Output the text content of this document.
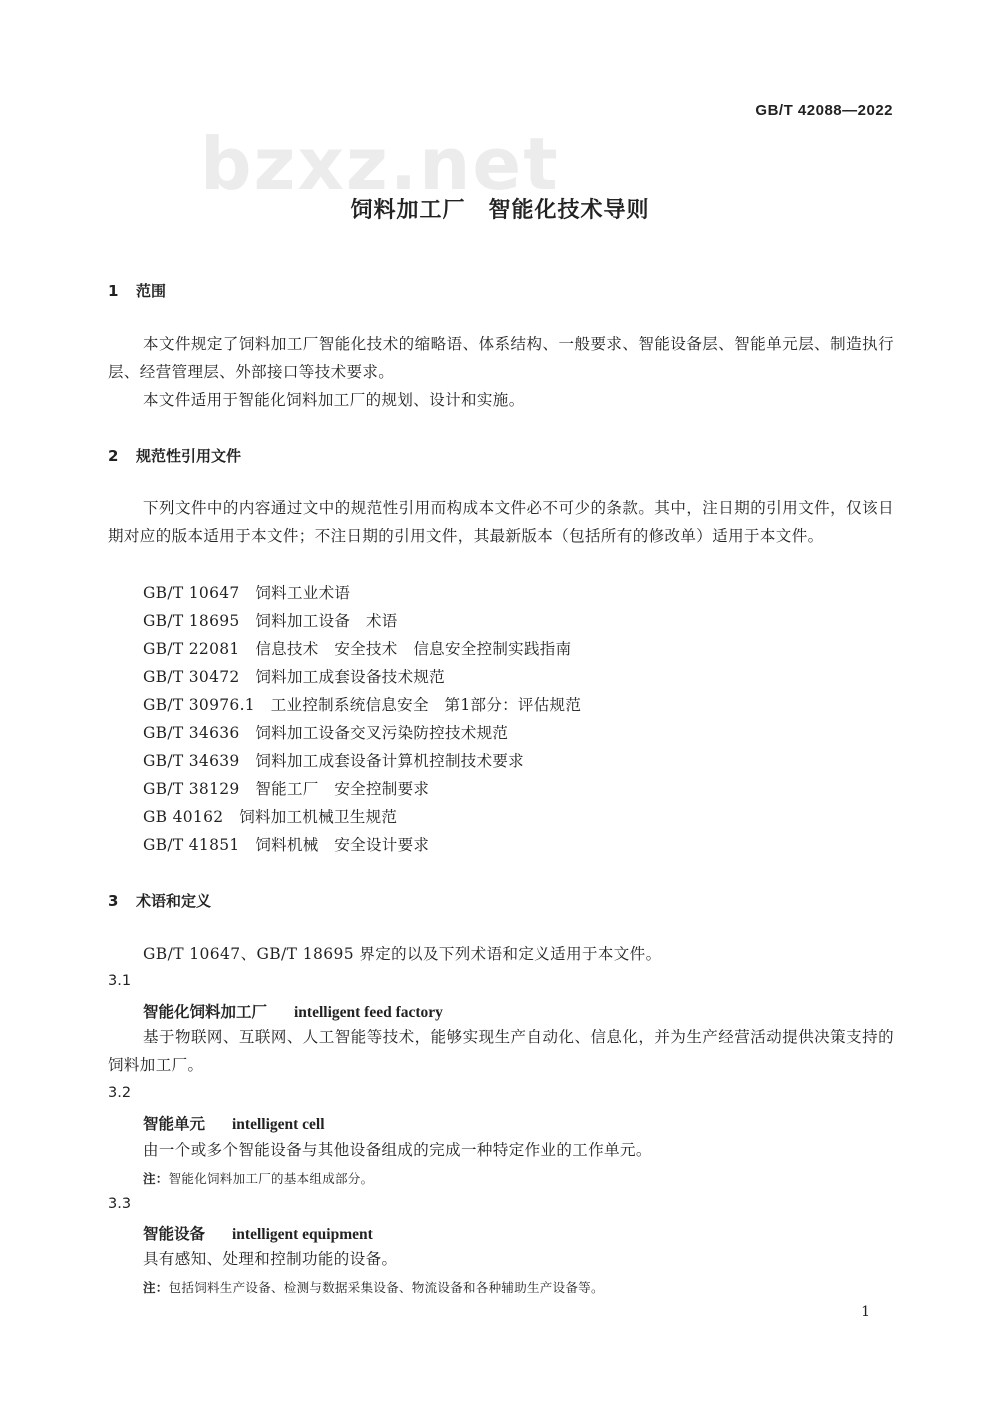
GB/T 42088—2022
bzxz.net
饲料加工厂　智能化技术导则
1 范围
本文件规定了饲料加工厂智能化技术的缩略语、体系结构、一般要求、智能设备层、智能单元层、制造执行层、经营管理层、外部接口等技术要求。
本文件适用于智能化饲料加工厂的规划、设计和实施。
2 规范性引用文件
下列文件中的内容通过文中的规范性引用而构成本文件必不可少的条款。其中，注日期的引用文件，仅该日期对应的版本适用于本文件；不注日期的引用文件，其最新版本（包括所有的修改单）适用于本文件。
GB/T 10647　饲料工业术语
GB/T 18695　饲料加工设备　术语
GB/T 22081　信息技术　安全技术　信息安全控制实践指南
GB/T 30472　饲料加工成套设备技术规范
GB/T 30976.1　工业控制系统信息安全　第1部分：评估规范
GB/T 34636　饲料加工设备交叉污染防控技术规范
GB/T 34639　饲料加工成套设备计算机控制技术要求
GB/T 38129　智能工厂　安全控制要求
GB 40162　饲料加工机械卫生规范
GB/T 41851　饲料机械　安全设计要求
3 术语和定义
GB/T 10647、GB/T 18695 界定的以及下列术语和定义适用于本文件。
3.1
智能化饲料加工厂 intelligent feed factory
基于物联网、互联网、人工智能等技术，能够实现生产自动化、信息化，并为生产经营活动提供决策支持的饲料加工厂。
3.2
智能单元 intelligent cell
由一个或多个智能设备与其他设备组成的完成一种特定作业的工作单元。
注：智能化饲料加工厂的基本组成部分。
3.3
智能设备 intelligent equipment
具有感知、处理和控制功能的设备。
注：包括饲料生产设备、检测与数据采集设备、物流设备和各种辅助生产设备等。
1
